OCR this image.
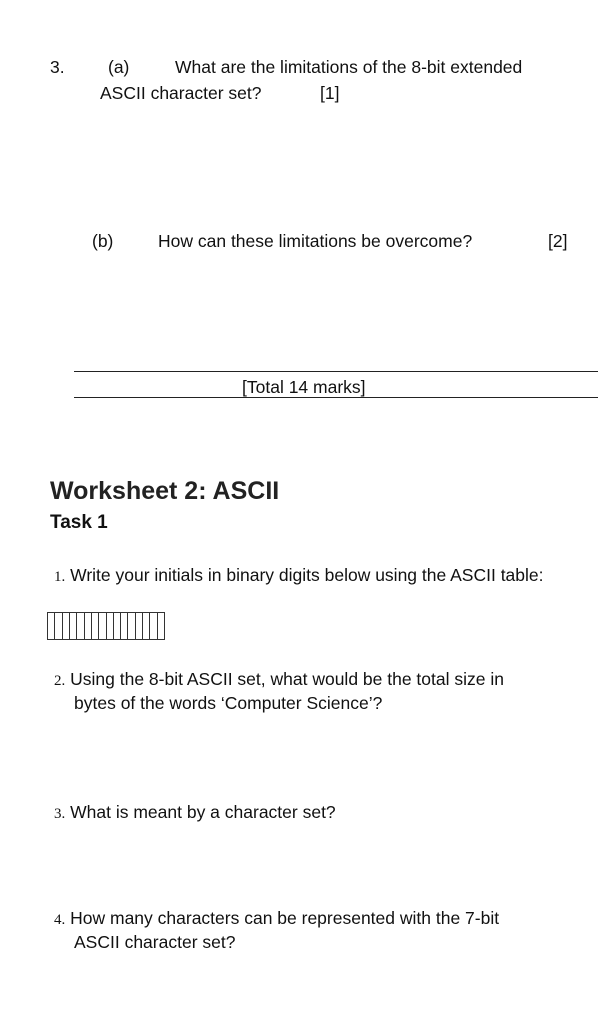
3. (a)	What are the limitations of the 8-bit extended
ASCII character set?	[1]
(b)	How can these limitations be overcome?	[2]
[Total 14 marks]
Worksheet 2: ASCII
Task 1
1. Write your initials in binary digits below using the ASCII table:
2. Using the 8-bit ASCII set, what would be the total size in
bytes of the words ‘Computer Science’?
3. What is meant by a character set?
4. How many characters can be represented with the 7-bit
ASCII character set?
